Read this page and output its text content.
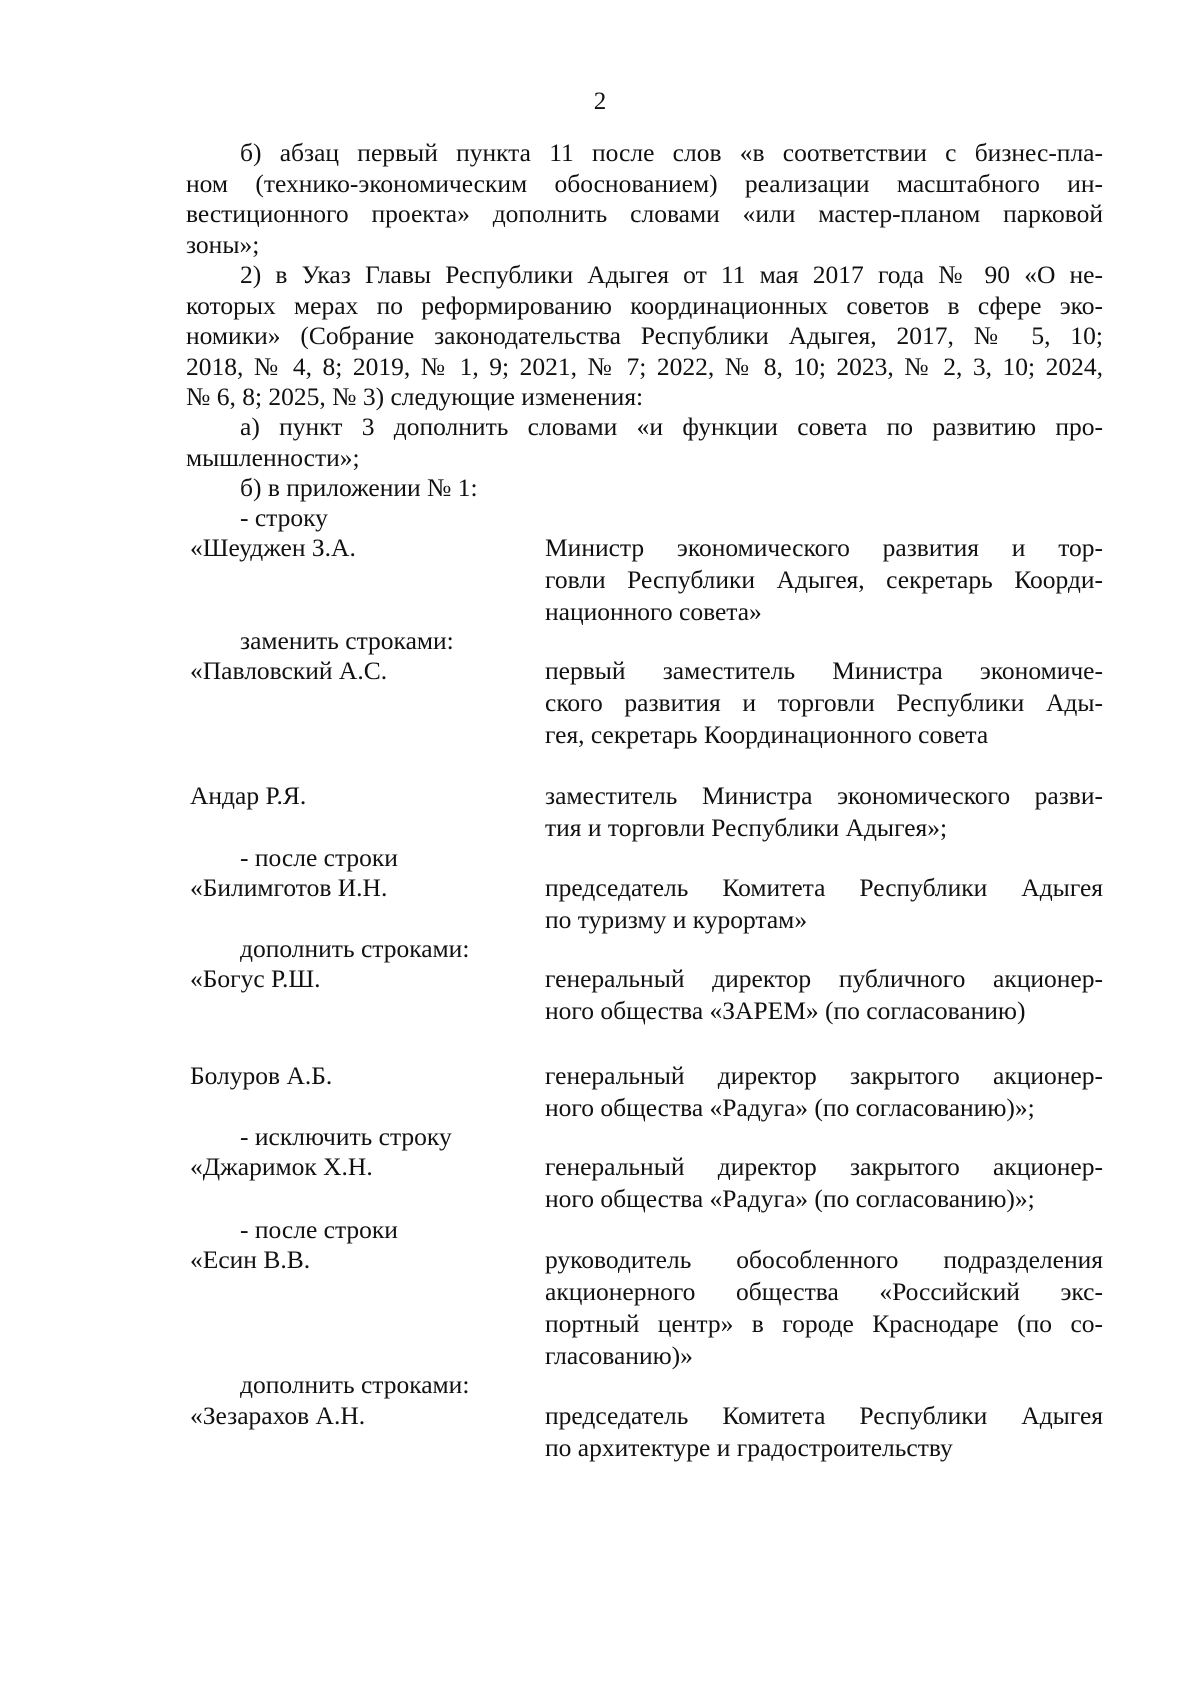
2
б) абзац первый пункта 11 после слов «в соответствии с бизнес-пла-
ном (технико-экономическим обоснованием) реализации масштабного ин-
вестиционного проекта» дополнить словами «или мастер-планом парковой
зоны»;
2) в Указ Главы Республики Адыгея от 11 мая 2017 года № 90 «О не-
которых мерах по реформированию координационных советов в сфере эко-
номики» (Собрание законодательства Республики Адыгея, 2017, № 5, 10;
2018, № 4, 8; 2019, № 1, 9; 2021, № 7; 2022, № 8, 10; 2023, № 2, 3, 10; 2024,
№ 6, 8; 2025, № 3) следующие изменения:
а) пункт 3 дополнить словами «и функции совета по развитию про-
мышленности»;
б) в приложении № 1:
- строку
«Шеуджен З.А.	Министр экономического развития и тор-
говли Республики Адыгея, секретарь Коорди-
национного совета»
заменить строками:
«Павловский А.С.	первый заместитель Министра экономиче-
ского развития и торговли Республики Ады-
гея, секретарь Координационного совета
Андар Р.Я.	заместитель Министра экономического разви-
тия и торговли Республики Адыгея»;
- после строки
«Билимготов И.Н.	председатель Комитета Республики Адыгея
по туризму и курортам»
дополнить строками:
«Богус Р.Ш.	генеральный директор публичного акционер-
ного общества «ЗАРЕМ» (по согласованию)
Болуров А.Б.	генеральный директор закрытого акционер-
ного общества «Радуга» (по согласованию)»;
- исключить строку
«Джаримок Х.Н.	генеральный директор закрытого акционер-
ного общества «Радуга» (по согласованию)»;
- после строки
«Есин В.В.	руководитель обособленного подразделения
акционерного общества «Российский экс-
портный центр» в городе Краснодаре (по со-
гласованию)»
дополнить строками:
«Зезарахов А.Н.	председатель Комитета Республики Адыгея
по архитектуре и градостроительству
